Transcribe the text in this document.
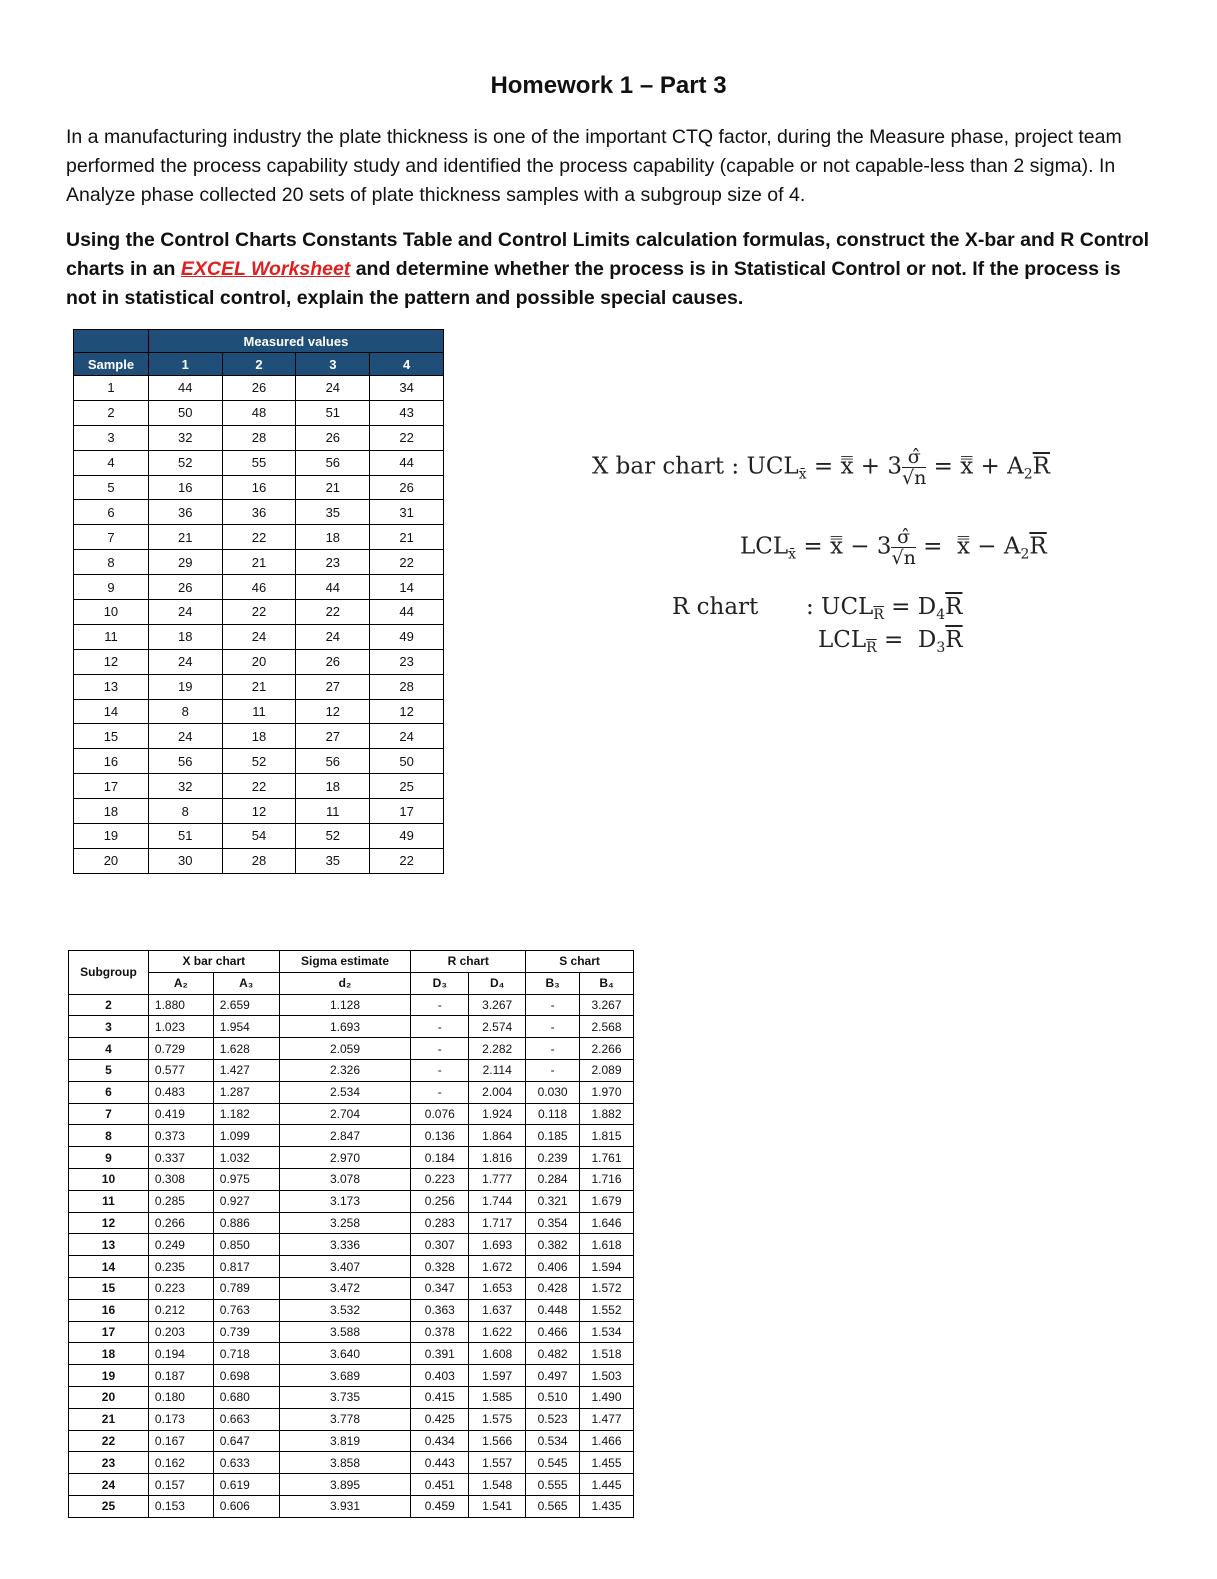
Homework 1 – Part 3
In a manufacturing industry the plate thickness is one of the important CTQ factor, during the Measure phase, project team performed the process capability study and identified the process capability (capable or not capable-less than 2 sigma). In Analyze phase collected 20 sets of plate thickness samples with a subgroup size of 4.
Using the Control Charts Constants Table and Control Limits calculation formulas, construct the X-bar and R Control charts in an EXCEL Worksheet and determine whether the process is in Statistical Control or not. If the process is not in statistical control, explain the pattern and possible special causes.
	Measured values			
Sample	1	2	3	4
1	44	26	24	34
2	50	48	51	43
3	32	28	26	22
4	52	55	56	44
5	16	16	21	26
6	36	36	35	31
7	21	22	18	21
8	29	21	23	22
9	26	46	44	14
10	24	22	22	44
11	18	24	24	49
12	24	20	26	23
13	19	21	27	28
14	8	11	12	12
15	24	18	27	24
16	56	52	56	50
17	32	22	18	25
18	8	12	11	17
19	51	54	52	49
20	30	28	35	22
X bar chart : $UCL_{x̄}$ = x̿ + $3 \frac{\sigmâ}{√n}$ = x̿ + $A_2\overline{R}$
$LCL_{x̄}$ = x̿ − $3 \frac{\sigmâ}{√n}$ =  x̿ − $A_2\overline{R}$
R chart : $UCL_{\overline{R}} = D_4\overline{R}$
$LCL_{\overline{R}} = D_3\overline{R}$
Subgroup	X bar chart		Sigma estimate	R chart		S chart	
	A₂	A₃	d₂	D₃	D₄	B₃	B₄
2	1.880	2.659	1.128	-	3.267	-	3.267
3	1.023	1.954	1.693	-	2.574	-	2.568
4	0.729	1.628	2.059	-	2.282	-	2.266
5	0.577	1.427	2.326	-	2.114	-	2.089
6	0.483	1.287	2.534	-	2.004	0.030	1.970
7	0.419	1.182	2.704	0.076	1.924	0.118	1.882
8	0.373	1.099	2.847	0.136	1.864	0.185	1.815
9	0.337	1.032	2.970	0.184	1.816	0.239	1.761
10	0.308	0.975	3.078	0.223	1.777	0.284	1.716
11	0.285	0.927	3.173	0.256	1.744	0.321	1.679
12	0.266	0.886	3.258	0.283	1.717	0.354	1.646
13	0.249	0.850	3.336	0.307	1.693	0.382	1.618
14	0.235	0.817	3.407	0.328	1.672	0.406	1.594
15	0.223	0.789	3.472	0.347	1.653	0.428	1.572
16	0.212	0.763	3.532	0.363	1.637	0.448	1.552
17	0.203	0.739	3.588	0.378	1.622	0.466	1.534
18	0.194	0.718	3.640	0.391	1.608	0.482	1.518
19	0.187	0.698	3.689	0.403	1.597	0.497	1.503
20	0.180	0.680	3.735	0.415	1.585	0.510	1.490
21	0.173	0.663	3.778	0.425	1.575	0.523	1.477
22	0.167	0.647	3.819	0.434	1.566	0.534	1.466
23	0.162	0.633	3.858	0.443	1.557	0.545	1.455
24	0.157	0.619	3.895	0.451	1.548	0.555	1.445
25	0.153	0.606	3.931	0.459	1.541	0.565	1.435
